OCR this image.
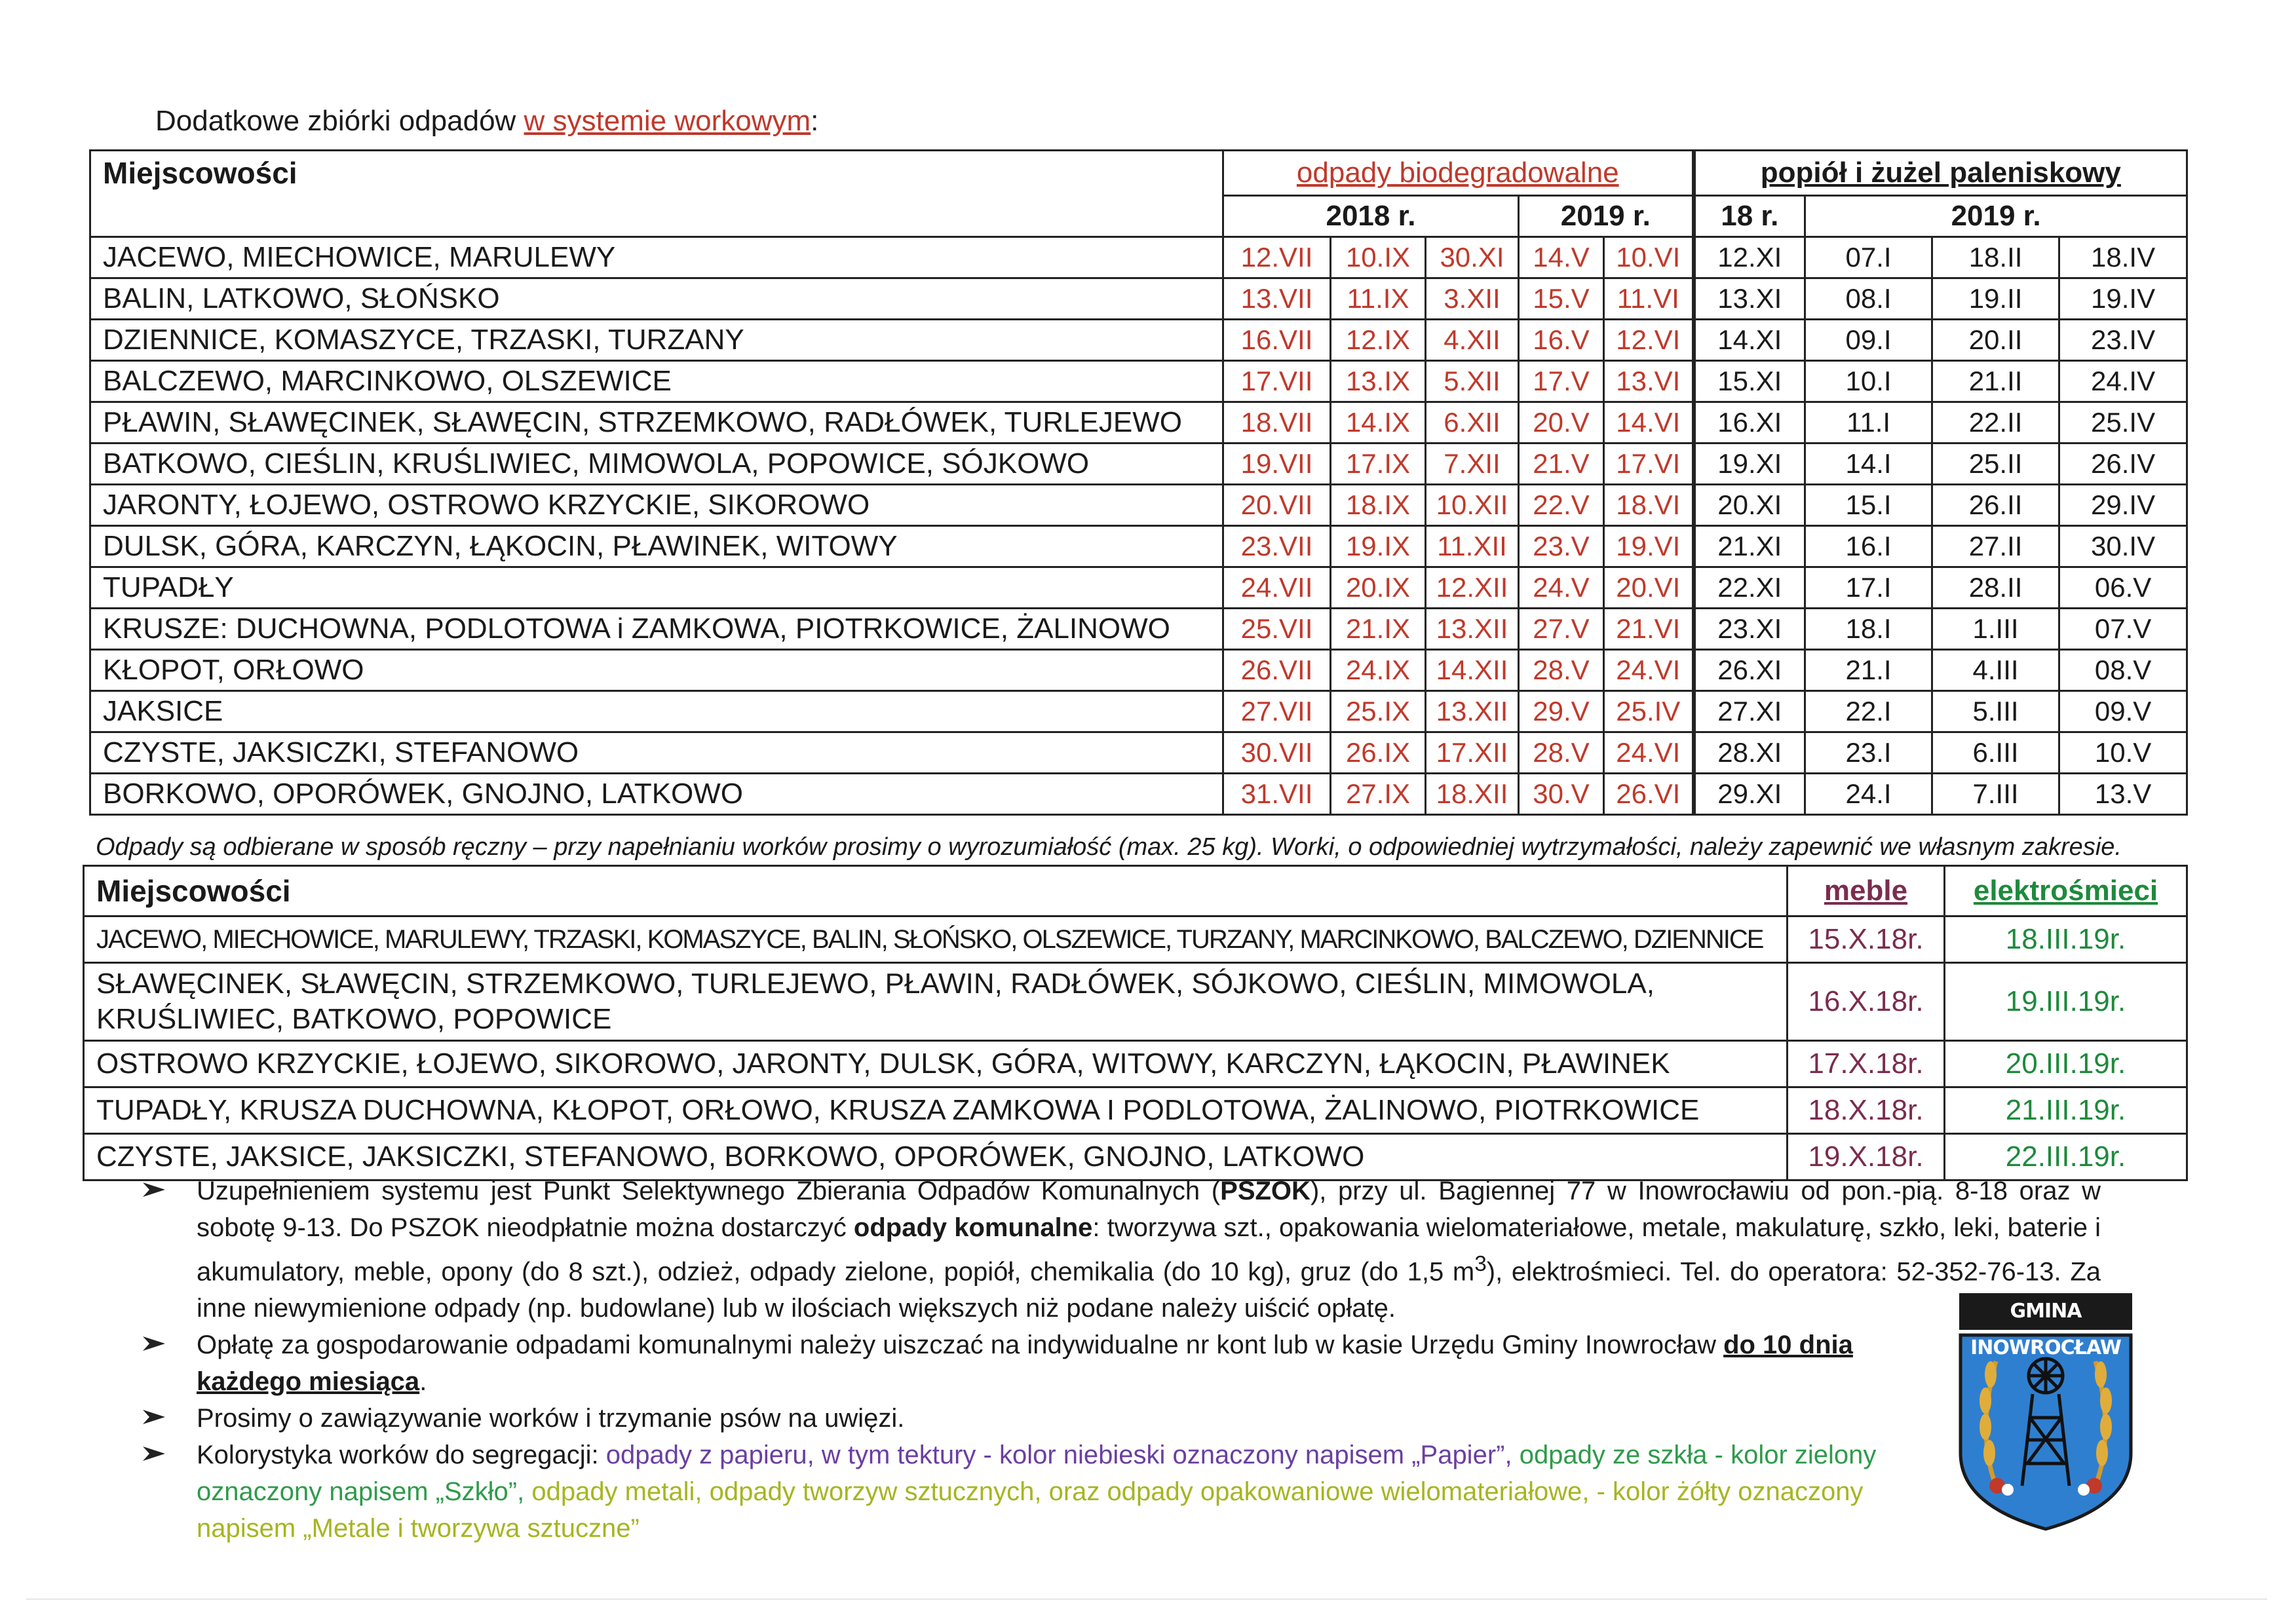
Dodatkowe zbiórki odpadów w systemie workowym:
Miejscowości	odpady biodegradowalne					popiół i żużel paleniskowy			
	2018 r.			2019 r.		18 r.	2019 r.		
JACEWO, MIECHOWICE, MARULEWY	12.VII	10.IX	30.XI	14.V	10.VI	12.XI	07.I	18.II	18.IV
BALIN, LATKOWO, SŁOŃSKO	13.VII	11.IX	3.XII	15.V	11.VI	13.XI	08.I	19.II	19.IV
DZIENNICE, KOMASZYCE, TRZASKI, TURZANY	16.VII	12.IX	4.XII	16.V	12.VI	14.XI	09.I	20.II	23.IV
BALCZEWO, MARCINKOWO, OLSZEWICE	17.VII	13.IX	5.XII	17.V	13.VI	15.XI	10.I	21.II	24.IV
PŁAWIN, SŁAWĘCINEK, SŁAWĘCIN, STRZEMKOWO, RADŁÓWEK, TURLEJEWO	18.VII	14.IX	6.XII	20.V	14.VI	16.XI	11.I	22.II	25.IV
BATKOWO, CIEŚLIN, KRUŚLIWIEC, MIMOWOLA, POPOWICE, SÓJKOWO	19.VII	17.IX	7.XII	21.V	17.VI	19.XI	14.I	25.II	26.IV
JARONTY, ŁOJEWO, OSTROWO KRZYCKIE, SIKOROWO	20.VII	18.IX	10.XII	22.V	18.VI	20.XI	15.I	26.II	29.IV
DULSK, GÓRA, KARCZYN, ŁĄKOCIN, PŁAWINEK, WITOWY	23.VII	19.IX	11.XII	23.V	19.VI	21.XI	16.I	27.II	30.IV
TUPADŁY	24.VII	20.IX	12.XII	24.V	20.VI	22.XI	17.I	28.II	06.V
KRUSZE: DUCHOWNA, PODLOTOWA i ZAMKOWA, PIOTRKOWICE, ŻALINOWO	25.VII	21.IX	13.XII	27.V	21.VI	23.XI	18.I	1.III	07.V
KŁOPOT, ORŁOWO	26.VII	24.IX	14.XII	28.V	24.VI	26.XI	21.I	4.III	08.V
JAKSICE	27.VII	25.IX	13.XII	29.V	25.IV	27.XI	22.I	5.III	09.V
CZYSTE, JAKSICZKI, STEFANOWO	30.VII	26.IX	17.XII	28.V	24.VI	28.XI	23.I	6.III	10.V
BORKOWO, OPORÓWEK, GNOJNO, LATKOWO	31.VII	27.IX	18.XII	30.V	26.VI	29.XI	24.I	7.III	13.V
Odpady są odbierane w sposób ręczny – przy napełnianiu worków prosimy o wyrozumiałość (max. 25 kg). Worki, o odpowiedniej wytrzymałości, należy zapewnić we własnym zakresie.
Miejscowości	meble	elektrośmieci
JACEWO, MIECHOWICE, MARULEWY, TRZASKI, KOMASZYCE, BALIN, SŁOŃSKO, OLSZEWICE, TURZANY, MARCINKOWO, BALCZEWO, DZIENNICE	15.X.18r.	18.III.19r.
SŁAWĘCINEK, SŁAWĘCIN, STRZEMKOWO, TURLEJEWO, PŁAWIN, RADŁÓWEK, SÓJKOWO, CIEŚLIN, MIMOWOLA, KRUŚLIWIEC, BATKOWO, POPOWICE	16.X.18r.	19.III.19r.
OSTROWO KRZYCKIE, ŁOJEWO, SIKOROWO, JARONTY, DULSK, GÓRA, WITOWY, KARCZYN, ŁĄKOCIN, PŁAWINEK	17.X.18r.	20.III.19r.
TUPADŁY, KRUSZA DUCHOWNA, KŁOPOT, ORŁOWO, KRUSZA ZAMKOWA I PODLOTOWA, ŻALINOWO, PIOTRKOWICE	18.X.18r.	21.III.19r.
CZYSTE, JAKSICE, JAKSICZKI, STEFANOWO, BORKOWO, OPORÓWEK, GNOJNO, LATKOWO	19.X.18r.	22.III.19r.
Uzupełnieniem systemu jest Punkt Selektywnego Zbierania Odpadów Komunalnych (PSZOK), przy ul. Bagiennej 77 w Inowrocławiu od pon.-pią. 8-18 oraz w sobotę 9-13. Do PSZOK nieodpłatnie można dostarczyć odpady komunalne: tworzywa szt., opakowania wielomateriałowe, metale, makulaturę, szkło, leki, baterie i akumulatory, meble, opony (do 8 szt.), odzież, odpady zielone, popiół, chemikalia (do 10 kg), gruz (do 1,5 $m^3$), elektrośmieci. Tel. do operatora: 52-352-76-13. Za inne niewymienione odpady (np. budowlane) lub w ilościach większych niż podane należy uiścić opłatę.
Opłatę za gospodarowanie odpadami komunalnymi należy uiszczać na indywidualne nr kont lub w kasie Urzędu Gminy Inowrocław do 10 dnia każdego miesiąca.
Prosimy o zawiązywanie worków i trzymanie psów na uwięzi.
Kolorystyka worków do segregacji: odpady z papieru, w tym tektury - kolor niebieski oznaczony napisem „Papier”, odpady ze szkła - kolor zielony oznaczony napisem „Szkło”, odpady metali, odpady tworzyw sztucznych, oraz odpady opakowaniowe wielomateriałowe, - kolor żółty oznaczony napisem „Metale i tworzywa sztuczne”
GMINA INOWROCŁAW
